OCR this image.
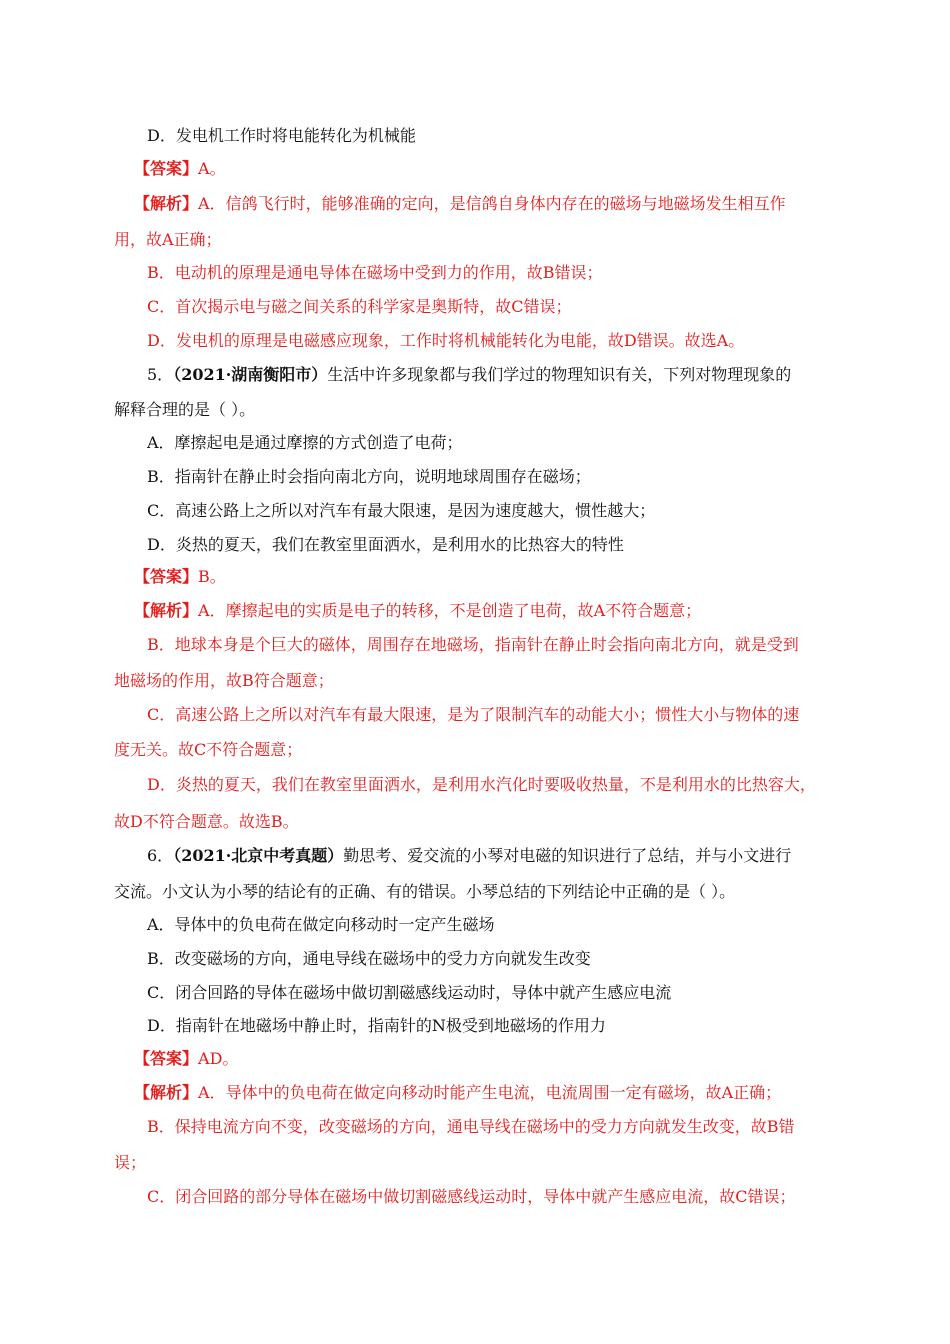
D．发电机工作时将电能转化为机械能
【答案】A。
【解析】A．信鸽飞行时，能够准确的定向，是信鸽自身体内存在的磁场与地磁场发生相互作
用，故A正确；
B．电动机的原理是通电导体在磁场中受到力的作用，故B错误；
C．首次揭示电与磁之间关系的科学家是奥斯特，故C错误；
D．发电机的原理是电磁感应现象，工作时将机械能转化为电能，故D错误。故选A。
5．（2021·湖南衡阳市）生活中许多现象都与我们学过的物理知识有关，下列对物理现象的
解释合理的是（ ）。
A．摩擦起电是通过摩擦的方式创造了电荷；
B．指南针在静止时会指向南北方向，说明地球周围存在磁场；
C．高速公路上之所以对汽车有最大限速，是因为速度越大，惯性越大；
D．炎热的夏天，我们在教室里面洒水，是利用水的比热容大的特性
【答案】B。
【解析】A．摩擦起电的实质是电子的转移，不是创造了电荷，故A不符合题意；
B．地球本身是个巨大的磁体，周围存在地磁场，指南针在静止时会指向南北方向，就是受到
地磁场的作用，故B符合题意；
C．高速公路上之所以对汽车有最大限速，是为了限制汽车的动能大小；惯性大小与物体的速
度无关。故C不符合题意；
D．炎热的夏天，我们在教室里面洒水，是利用水汽化时要吸收热量，不是利用水的比热容大，
故D不符合题意。故选B。
6．（2021·北京中考真题）勤思考、爱交流的小琴对电磁的知识进行了总结，并与小文进行
交流。小文认为小琴的结论有的正确、有的错误。小琴总结的下列结论中正确的是（ ）。
A．导体中的负电荷在做定向移动时一定产生磁场
B．改变磁场的方向，通电导线在磁场中的受力方向就发生改变
C．闭合回路的导体在磁场中做切割磁感线运动时，导体中就产生感应电流
D．指南针在地磁场中静止时，指南针的N极受到地磁场的作用力
【答案】AD。
【解析】A．导体中的负电荷在做定向移动时能产生电流，电流周围一定有磁场，故A正确；
B．保持电流方向不变，改变磁场的方向，通电导线在磁场中的受力方向就发生改变，故B错
误；
C．闭合回路的部分导体在磁场中做切割磁感线运动时，导体中就产生感应电流，故C错误；
